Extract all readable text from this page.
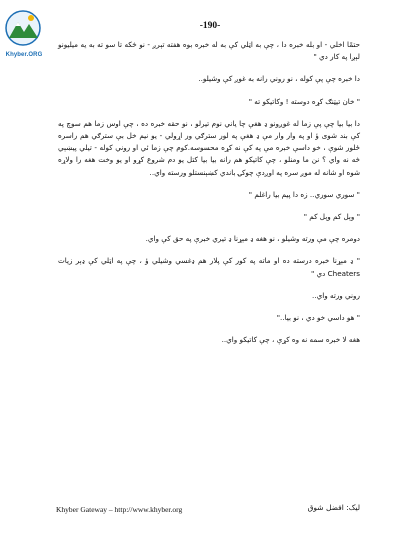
Khyber.ORG
-190-

حتمًا اخلي - او بله خبره دا ، چې به اټلي کې به له خبره بوه هفته تېرږ - نو څکه تا سو ته به يه ميليونو لېږا په کار دي "

دا خبره چې پې کوله ، نو روني رانه به غوږ کې وشيلو..

" خان تيټنګ کړه دوسته ! وکاتيکو ته "

دا بيا بيا چې پې زما له غوږونو ډ هغې چا ياني نوم تيرلو ، نو حقه خبره ده ، چې اوس زما هم سوچ په کې بند شوی ؤ او په وار وار مې ډ هغې په لور سترګي ور اړولي - يو نيم خل بې سترګي هم راسره ځلور شوې ، خو داسې خبره مې په کې نه کړه محسوسه.کوم چې زما ئي او روني کوله - تيلي پيښېي څه نه واي ؟ نن ما ومنلو ، چې کاتيکو هم رانه بيا بيا کتل يو دم شروع کړو او يو وخت هغه را ولاړه شوه او شانه له موږ سره په اوږدې چوکۍ باندي کښېنستلو ورسته واي..

" سوري سوري.. زه دا پيم بيا راغلم "

" وېل کم وېل کم "

دومره چې مې ورته وشيلو ، نو هغه ډ مېړنا ډ تيري خبرې په حق کې واي.

" ډ مېړنا خبره درسته ده او ماته په کور کې پلار هم ډغسي وشيلي ؤ ، چې په اټلي کې ډېر زيات Cheaters دي "

روني ورته واي..

" هو داسي خو دي ، نو بيا.."

هغه لا خبره سمه نه وه کړې ، چې کاتيکو واي..

Khyber Gateway – http://www.khyber.org	لیک: افضل شوق
